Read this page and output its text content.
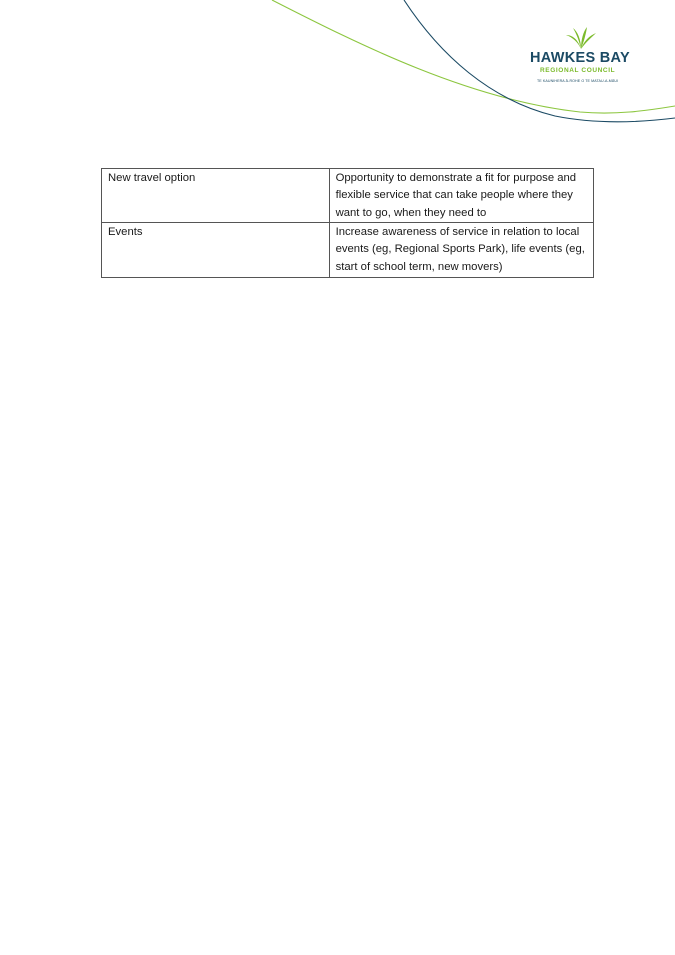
HAWKES BAY
REGIONAL COUNCIL
TE KAUNIHERA Ā-ROHE O TE MATAU-A-MĀUI
New travel option	Opportunity to demonstrate a fit for purpose and flexible service that can take people where they want to go, when they need to
Events	Increase awareness of service in relation to local events (eg, Regional Sports Park), life events (eg, start of school term, new movers)
